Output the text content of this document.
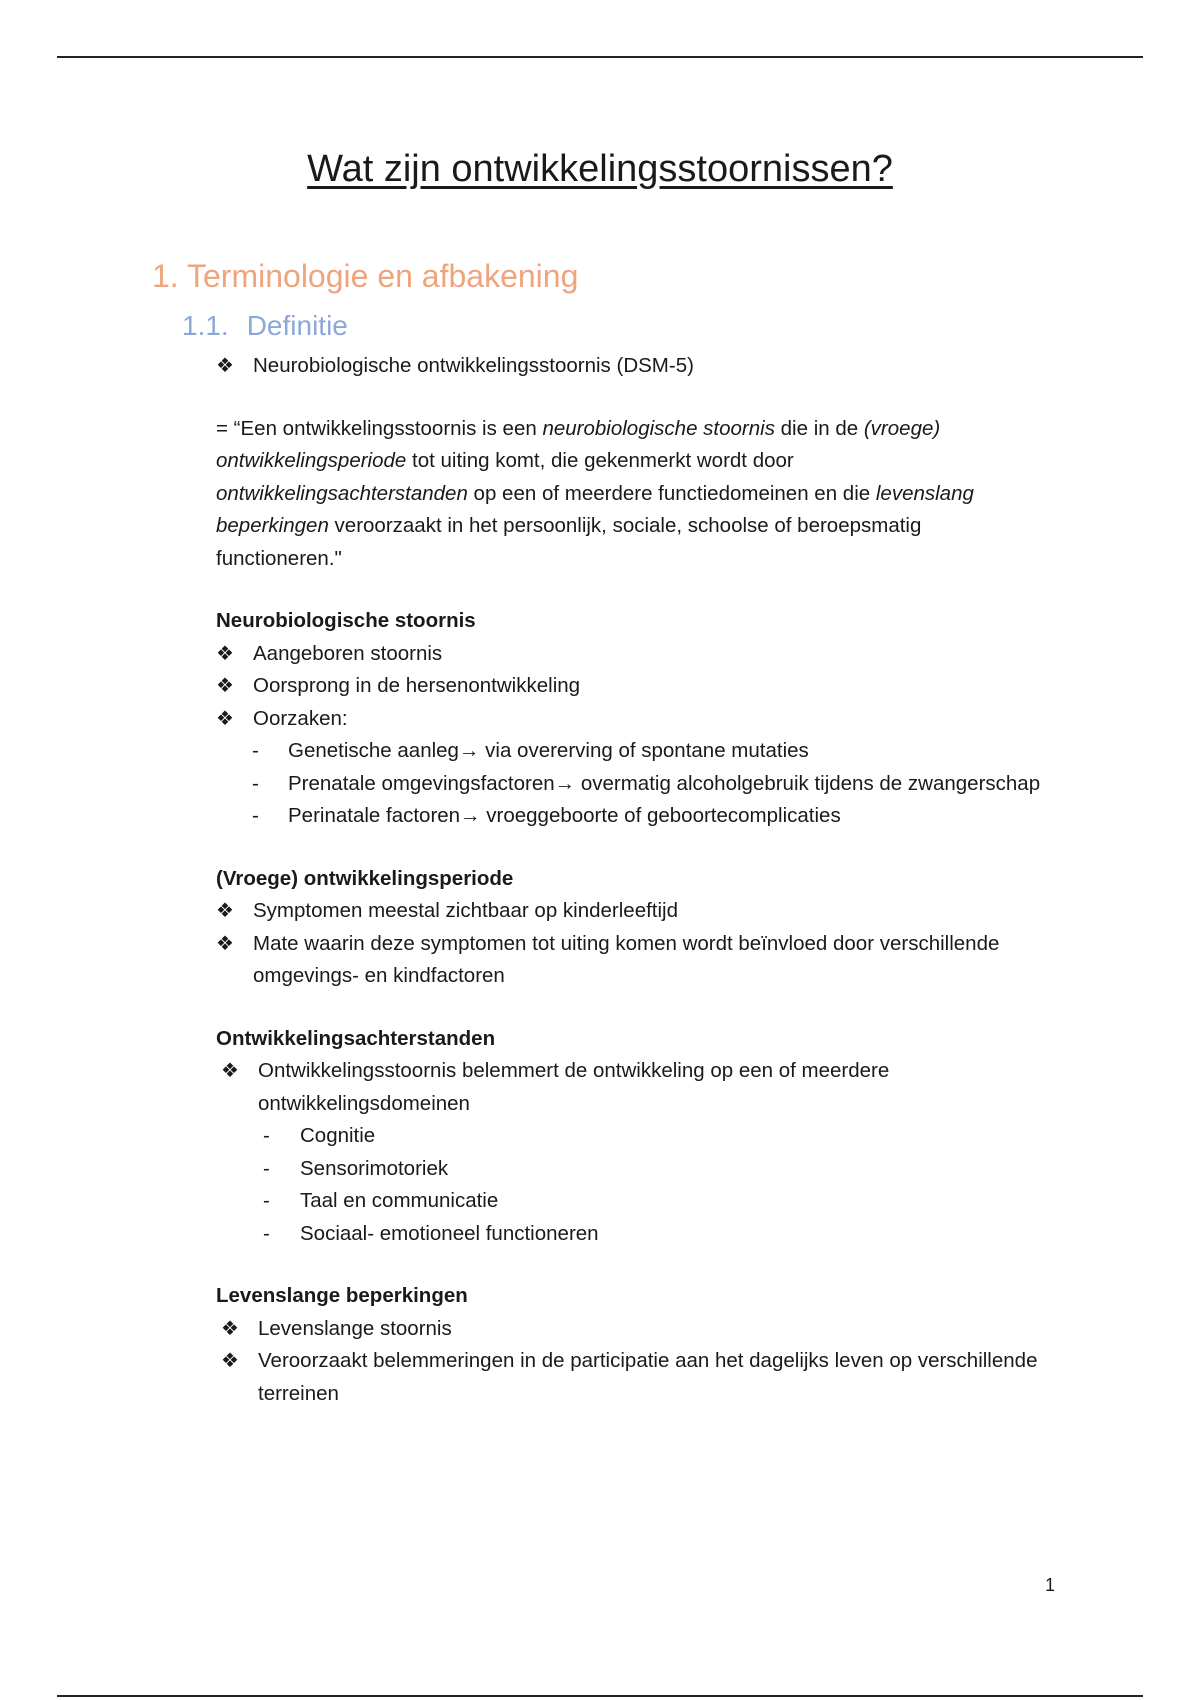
Wat zijn ontwikkelingsstoornissen?
1. Terminologie en afbakening
1.1. Definitie
❖ Neurobiologische ontwikkelingsstoornis (DSM-5)
= “Een ontwikkelingsstoornis is een neurobiologische stoornis die in de (vroege) ontwikkelingsperiode tot uiting komt, die gekenmerkt wordt door ontwikkelingsachterstanden op een of meerdere functiedomeinen en die levenslang beperkingen veroorzaakt in het persoonlijk, sociale, schoolse of beroepsmatig functioneren."
Neurobiologische stoornis
❖ Aangeboren stoornis
❖ Oorsprong in de hersenontwikkeling
❖ Oorzaken:
- Genetische aanleg→ via overerving of spontane mutaties
- Prenatale omgevingsfactoren→ overmatig alcoholgebruik tijdens de zwangerschap
- Perinatale factoren→ vroeggeboorte of geboortecomplicaties
(Vroege) ontwikkelingsperiode
❖ Symptomen meestal zichtbaar op kinderleeftijd
❖ Mate waarin deze symptomen tot uiting komen wordt beïnvloed door verschillende omgevings- en kindfactoren
Ontwikkelingsachterstanden
❖ Ontwikkelingsstoornis belemmert de ontwikkeling op een of meerdere ontwikkelingsdomeinen
- Cognitie
- Sensorimotoriek
- Taal en communicatie
- Sociaal- emotioneel functioneren
Levenslange beperkingen
❖ Levenslange stoornis
❖ Veroorzaakt belemmeringen in de participatie aan het dagelijks leven op verschillende terreinen
1
